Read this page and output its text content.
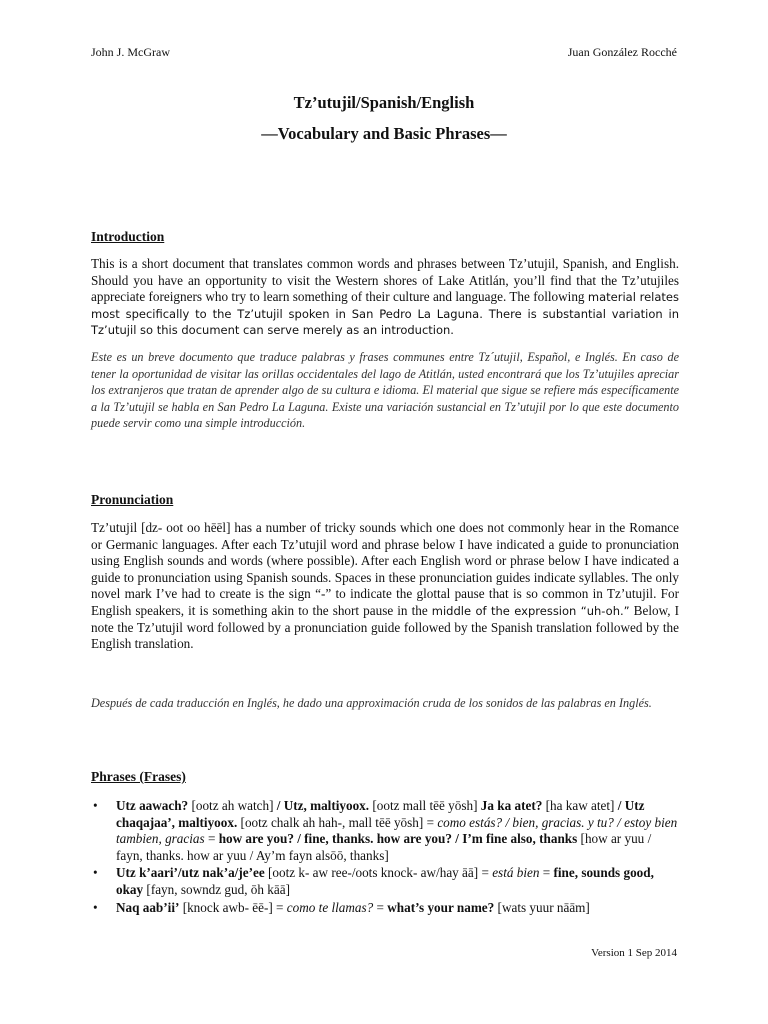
John J. McGraw	Juan González Rocché
Tz’utujil/Spanish/English
—Vocabulary and Basic Phrases—
Introduction
This is a short document that translates common words and phrases between Tz’utujil, Spanish, and English. Should you have an opportunity to visit the Western shores of Lake Atitlán, you’ll find that the Tz’utujiles appreciate foreigners who try to learn something of their culture and language. The following material relates most specifically to the Tz’utujil spoken in San Pedro La Laguna. There is substantial variation in Tz’utujil so this document can serve merely as an introduction.
Este es un breve documento que traduce palabras y frases communes entre Tz´utujil, Español, e Inglés. En caso de tener la oportunidad de visitar las orillas occidentales del lago de Atitlán, usted encontrará que los Tz’utujiles apreciar los extranjeros que tratan de aprender algo de su cultura e idioma. El material que sigue se refiere más específicamente a la Tz’utujil se habla en San Pedro La Laguna. Existe una variación sustancial en Tz’utujil por lo que este documento puede servir como una simple introducción.
Pronunciation
Tz’utujil [dz- oot oo hēēl] has a number of tricky sounds which one does not commonly hear in the Romance or Germanic languages. After each Tz’utujil word and phrase below I have indicated a guide to pronunciation using English sounds and words (where possible). After each English word or phrase below I have indicated a guide to pronunciation using Spanish sounds. Spaces in these pronunciation guides indicate syllables. The only novel mark I’ve had to create is the sign “-” to indicate the glottal pause that is so common in Tz’utujil. For English speakers, it is something akin to the short pause in the middle of the expression “uh-oh.” Below, I note the Tz’utujil word followed by a pronunciation guide followed by the Spanish translation followed by the English translation.
Después de cada traducción en Inglés, he dado una approximación cruda de los sonidos de las palabras en Inglés.
Phrases (Frases)
• Utz aawach? [ootz ah watch] / Utz, maltiyoox. [ootz mall tēē yōsh] Ja ka atet? [ha kaw atet] / Utz chaqajaa’, maltiyoox. [ootz chalk ah hah-, mall tēē yōsh] = como estás? / bien, gracias. y tu? / estoy bien tambien, gracias = how are you? / fine, thanks. how are you? / I’m fine also, thanks [how ar yuu / fayn, thanks. how ar yuu / Ay’m fayn alsōō, thanks]
• Utz k’aari’/utz nak’a/je’ee [ootz k- aw ree-/oots knock- aw/hay āā] = está bien = fine, sounds good, okay [fayn, sowndz gud, ōh kāā]
• Naq aab’ii’ [knock awb- ēē-] = como te llamas? = what’s your name? [wats yuur nāām]
Version 1 Sep 2014
